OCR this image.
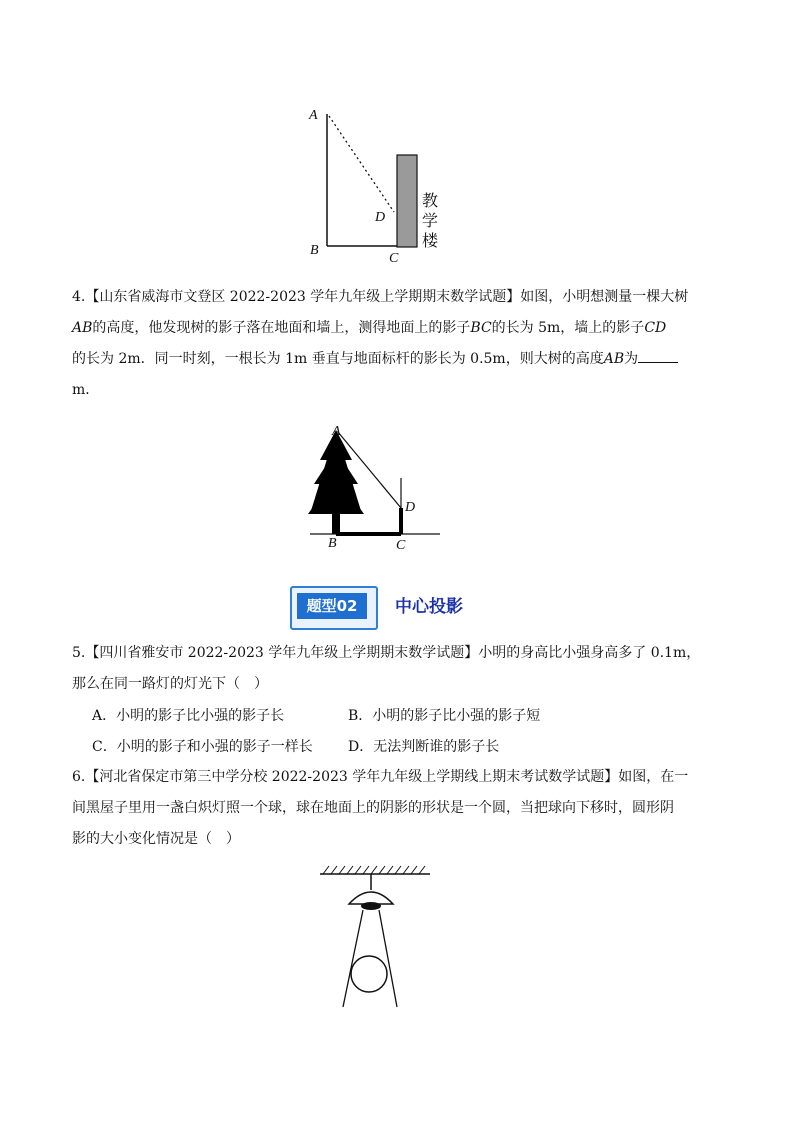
A
B
C
D
教
学
楼
4.【山东省威海市文登区 2022-2023 学年九年级上学期期末数学试题】如图，小明想测量一棵大树
AB的高度，他发现树的影子落在地面和墙上，测得地面上的影子BC的长为 5m，墙上的影子CD
的长为 2m．同一时刻，一根长为 1m 垂直与地面标杆的影长为 0.5m，则大树的高度AB为
m．
A
B	C
D
题型02	中心投影
5.【四川省雅安市 2022-2023 学年九年级上学期期末数学试题】小明的身高比小强身高多了 0.1m，
那么在同一路灯的灯光下（　）
A．小明的影子比小强的影子长	B．小明的影子比小强的影子短
C．小明的影子和小强的影子一样长	D．无法判断谁的影子长
6.【河北省保定市第三中学分校 2022-2023 学年九年级上学期线上期末考试数学试题】如图，在一
间黑屋子里用一盏白炽灯照一个球，球在地面上的阴影的形状是一个圆，当把球向下移时，圆形阴
影的大小变化情况是（　）
